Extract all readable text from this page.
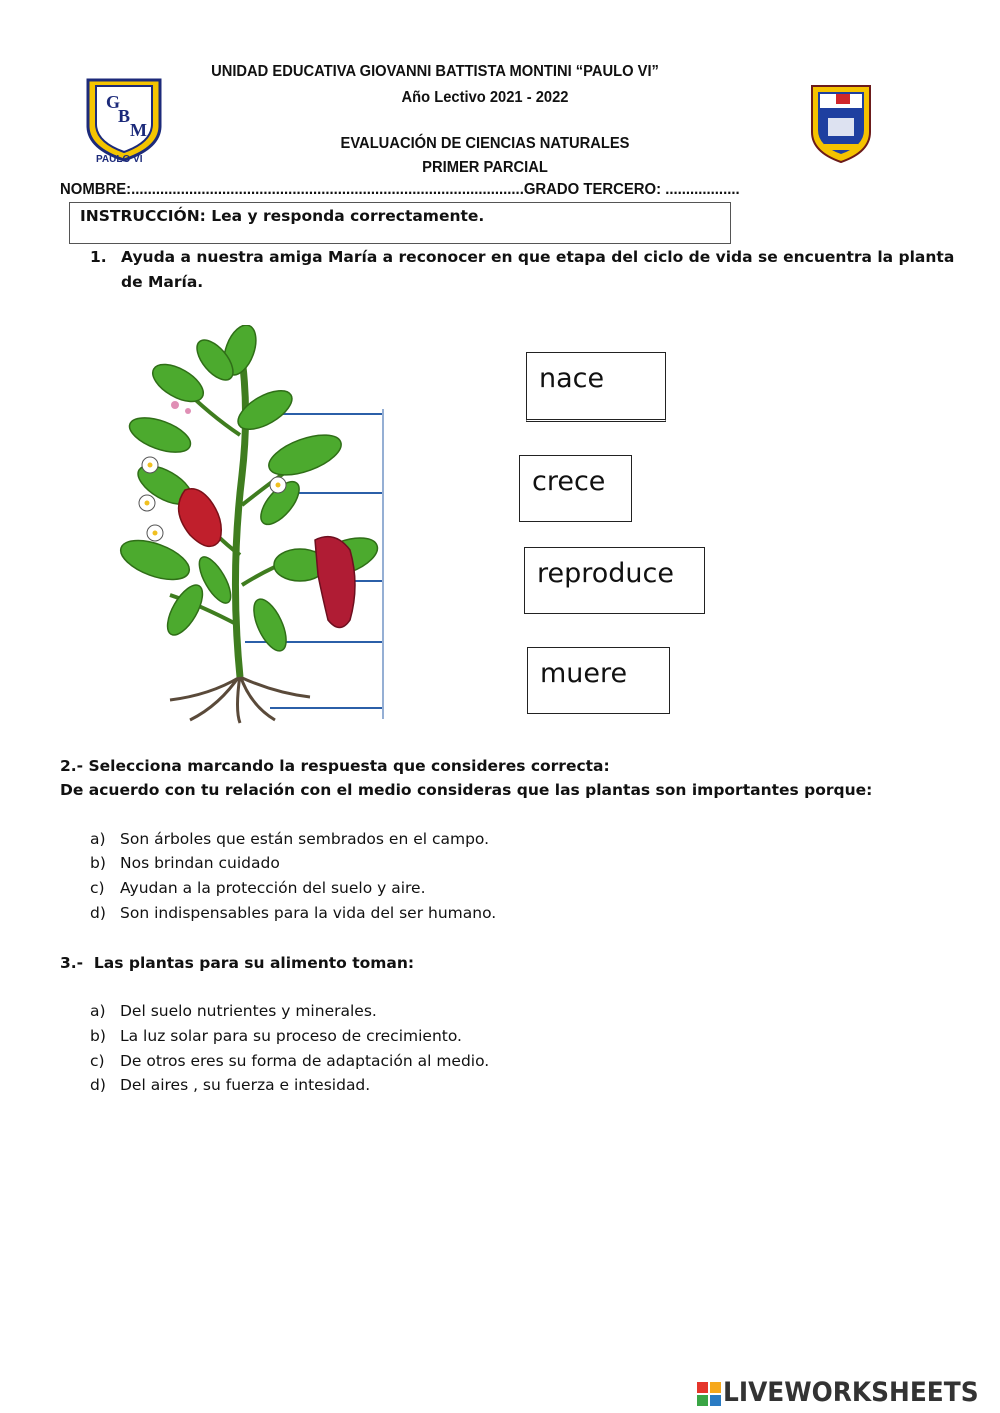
G
B
M
PAULO VI
UNIDAD EDUCATIVA GIOVANNI BATTISTA MONTINI “PAULO VI”
Año Lectivo 2021 - 2022
EVALUACIÓN DE CIENCIAS NATURALES
PRIMER PARCIAL
NOMBRE:...............................................................................................GRADO TERCERO: ..................
INSTRUCCIÓN: Lea y responda correctamente.
1. Ayuda a nuestra amiga María a reconocer en que etapa del ciclo de vida se encuentra la planta
de María.
nace
crece
reproduce
muere
2.- Selecciona marcando la respuesta que consideres correcta:
De acuerdo con tu relación con el medio consideras que las plantas son importantes porque:
a) Son árboles que están sembrados en el campo.
b) Nos brindan cuidado
c) Ayudan a la protección del suelo y aire.
d) Son indispensables para la vida del ser humano.
3.-  Las plantas para su alimento toman:
a) Del suelo nutrientes y minerales.
b) La luz solar para su proceso de crecimiento.
c) De otros eres su forma de adaptación al medio.
d) Del aires , su fuerza e intesidad.
LIVEWORKSHEETS
